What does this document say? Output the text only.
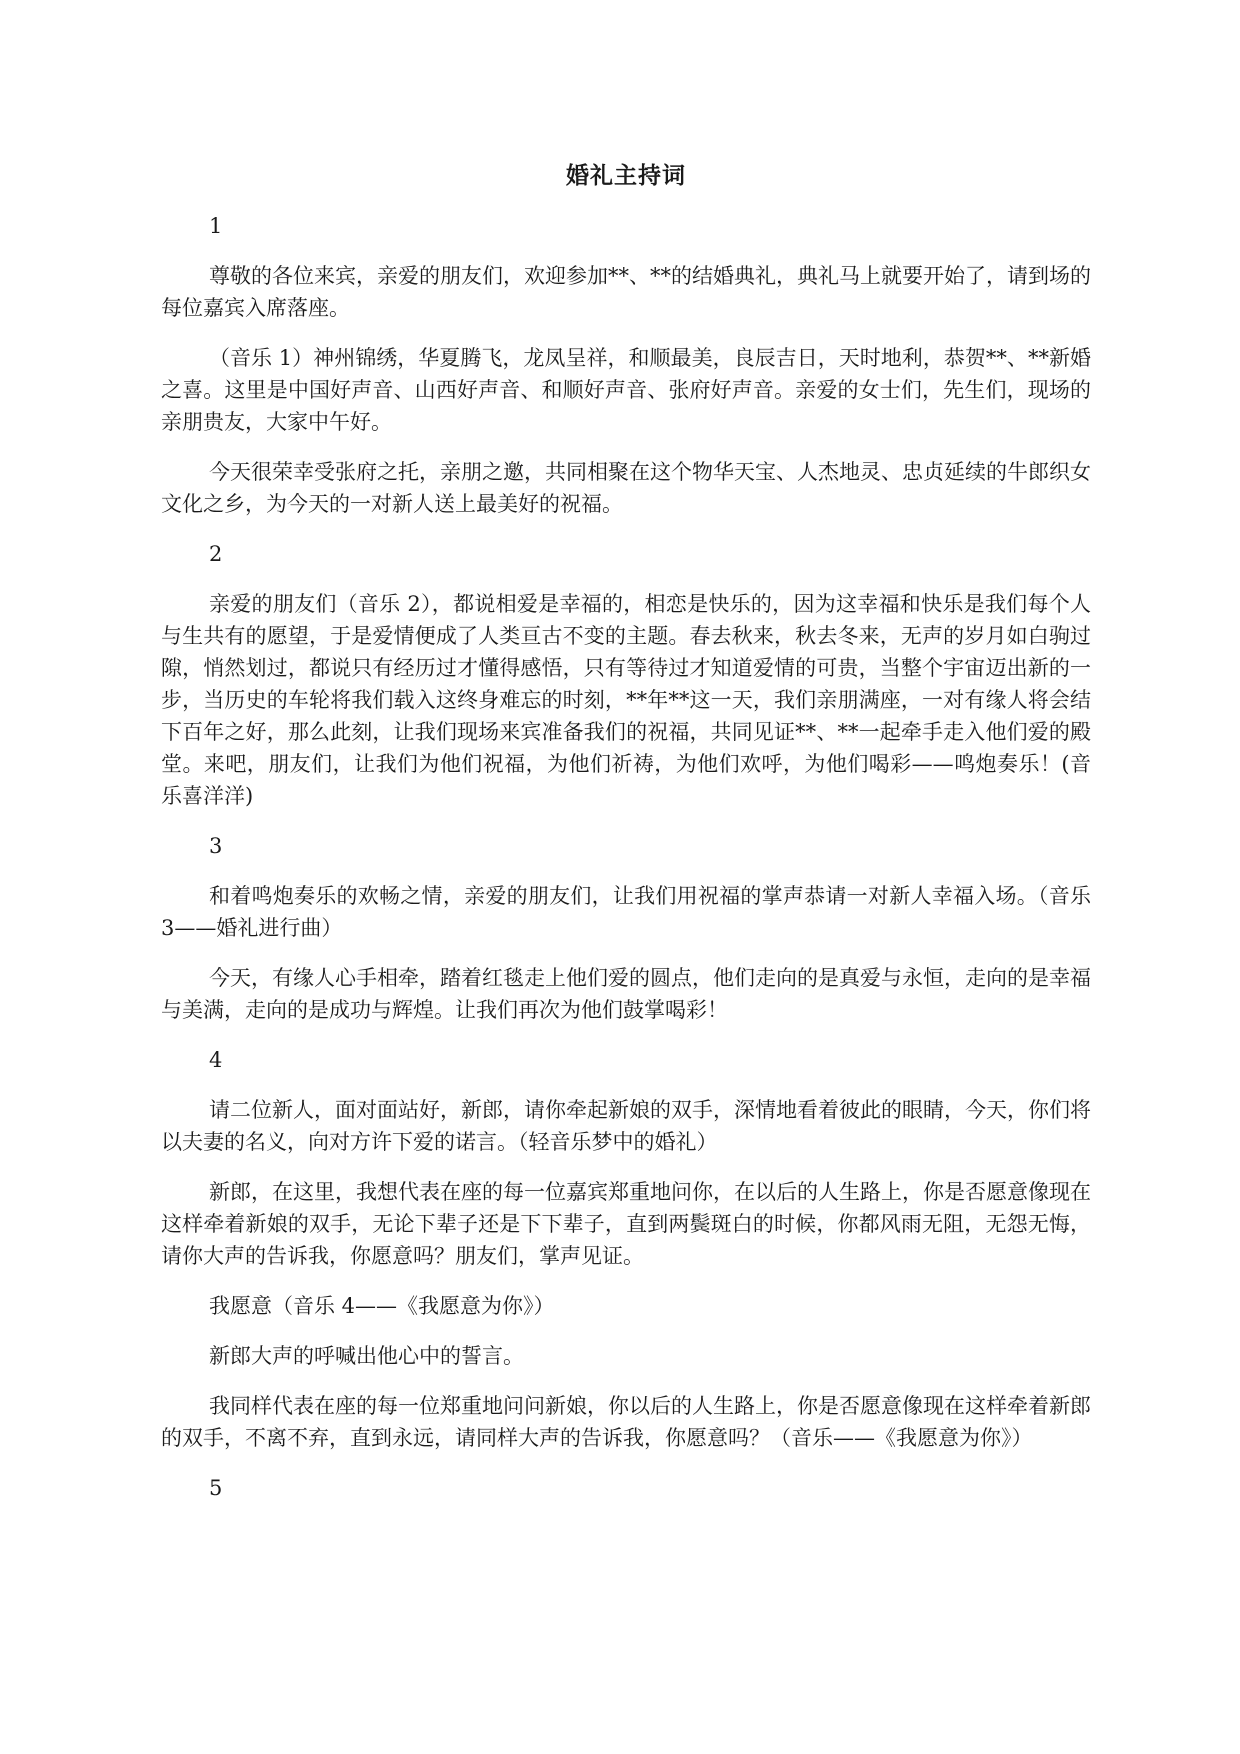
婚礼主持词

1

尊敬的各位来宾，亲爱的朋友们，欢迎参加**、**的结婚典礼，典礼马上就要开始了，请到场的每位嘉宾入席落座。

（音乐 1）神州锦绣，华夏腾飞，龙凤呈祥，和顺最美，良辰吉日，天时地利，恭贺**、**新婚之喜。这里是中国好声音、山西好声音、和顺好声音、张府好声音。亲爱的女士们，先生们，现场的亲朋贵友，大家中午好。

今天很荣幸受张府之托，亲朋之邀，共同相聚在这个物华天宝、人杰地灵、忠贞延续的牛郎织女文化之乡，为今天的一对新人送上最美好的祝福。

2

亲爱的朋友们（音乐 2），都说相爱是幸福的，相恋是快乐的，因为这幸福和快乐是我们每个人与生共有的愿望，于是爱情便成了人类亘古不变的主题。春去秋来，秋去冬来，无声的岁月如白驹过隙，悄然划过，都说只有经历过才懂得感悟，只有等待过才知道爱情的可贵，当整个宇宙迈出新的一步，当历史的车轮将我们载入这终身难忘的时刻，**年**这一天，我们亲朋满座，一对有缘人将会结下百年之好，那么此刻，让我们现场来宾准备我们的祝福，共同见证**、**一起牵手走入他们爱的殿堂。来吧，朋友们，让我们为他们祝福，为他们祈祷，为他们欢呼，为他们喝彩——鸣炮奏乐！(音乐喜洋洋)

3

和着鸣炮奏乐的欢畅之情，亲爱的朋友们，让我们用祝福的掌声恭请一对新人幸福入场。（音乐 3——婚礼进行曲）

今天，有缘人心手相牵，踏着红毯走上他们爱的圆点，他们走向的是真爱与永恒，走向的是幸福与美满，走向的是成功与辉煌。让我们再次为他们鼓掌喝彩！

4

请二位新人，面对面站好，新郎，请你牵起新娘的双手，深情地看着彼此的眼睛，今天，你们将以夫妻的名义，向对方许下爱的诺言。（轻音乐梦中的婚礼）

新郎，在这里，我想代表在座的每一位嘉宾郑重地问你，在以后的人生路上，你是否愿意像现在这样牵着新娘的双手，无论下辈子还是下下辈子，直到两鬓斑白的时候，你都风雨无阻，无怨无悔，请你大声的告诉我，你愿意吗？朋友们，掌声见证。

我愿意（音乐 4——《我愿意为你》）

新郎大声的呼喊出他心中的誓言。

我同样代表在座的每一位郑重地问问新娘，你以后的人生路上，你是否愿意像现在这样牵着新郎的双手，不离不弃，直到永远，请同样大声的告诉我，你愿意吗？（音乐——《我愿意为你》）

5
